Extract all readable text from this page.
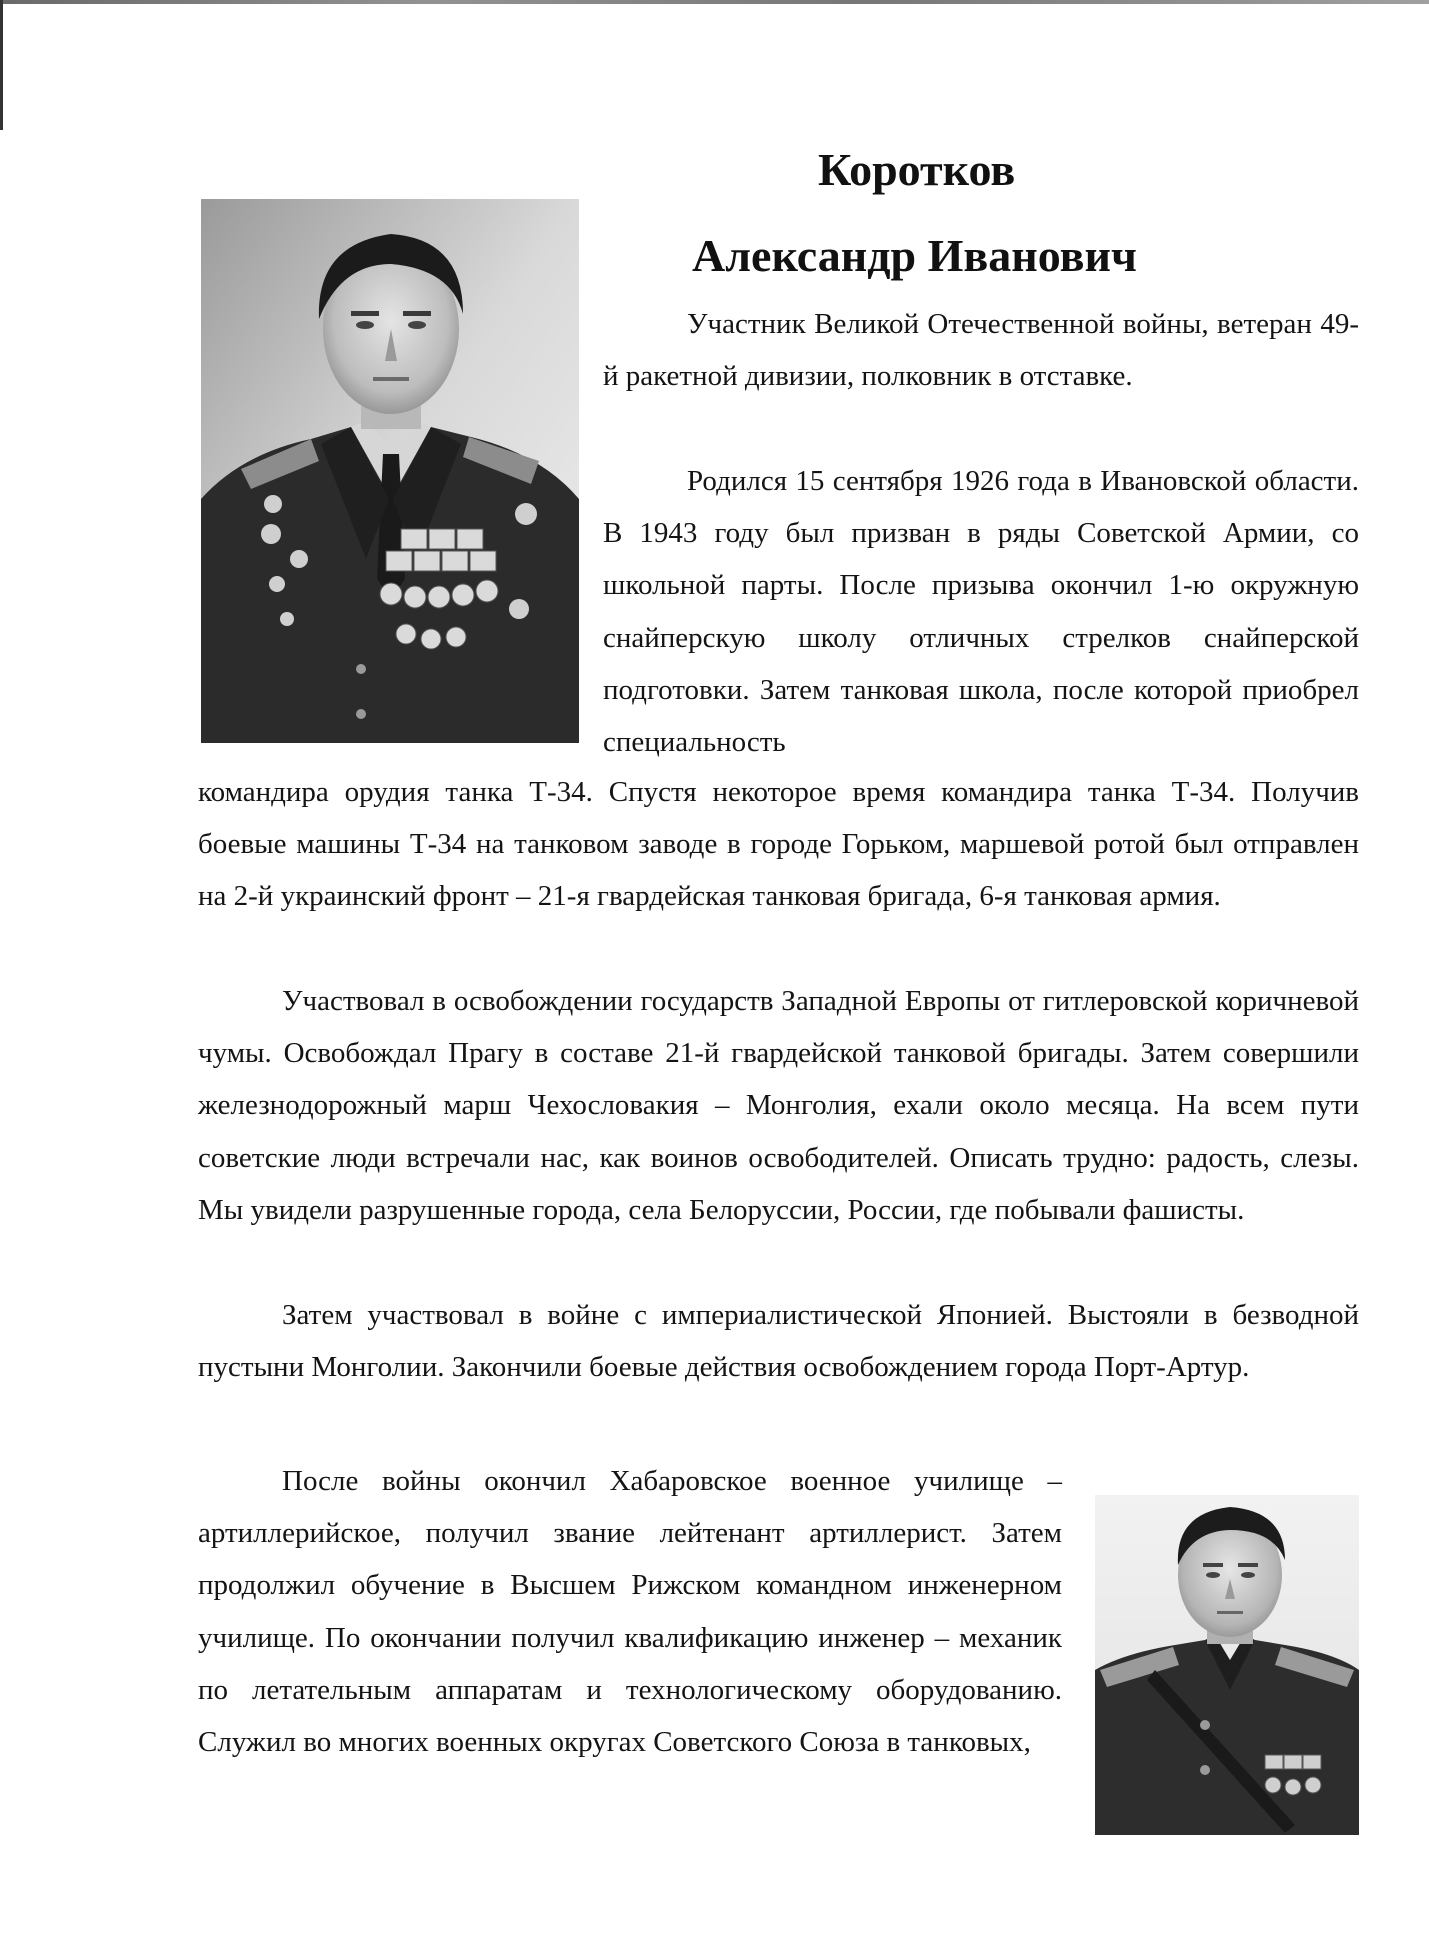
Коротков
Александр Иванович

Участник Великой Отечественной войны, ветеран 49-й ракетной дивизии, полковник в отставке.

Родился 15 сентября 1926 года в Ивановской области. В 1943 году был призван в ряды Советской Армии, со школьной парты. После призыва окончил 1-ю окружную снайперскую школу отличных стрелков снайперской подготовки. Затем танковая школа, после которой приобрел специальность

командира орудия танка Т-34. Спустя некоторое время командира танка Т-34. Получив боевые машины Т-34 на танковом заводе в городе Горьком, маршевой ротой был отправлен на 2-й украинский фронт – 21-я гвардейская танковая бригада, 6-я танковая армия.

Участвовал в освобождении государств Западной Европы от гитлеровской коричневой чумы. Освобождал Прагу в составе 21-й гвардейской танковой бригады. Затем совершили железнодорожный марш Чехословакия – Монголия, ехали около месяца. На всем пути советские люди встречали нас, как воинов освободителей. Описать трудно: радость, слезы. Мы увидели разрушенные города, села Белоруссии, России, где побывали фашисты.

Затем участвовал в войне с империалистической Японией. Выстояли в безводной пустыни Монголии. Закончили боевые действия освобождением города Порт-Артур.

После войны окончил Хабаровское военное училище – артиллерийское, получил звание лейтенант артиллерист. Затем продолжил обучение в Высшем Рижском командном инженерном училище. По окончании получил квалификацию инженер – механик по летательным аппаратам и технологическому оборудованию. Служил во многих военных округах Советского Союза в танковых,
